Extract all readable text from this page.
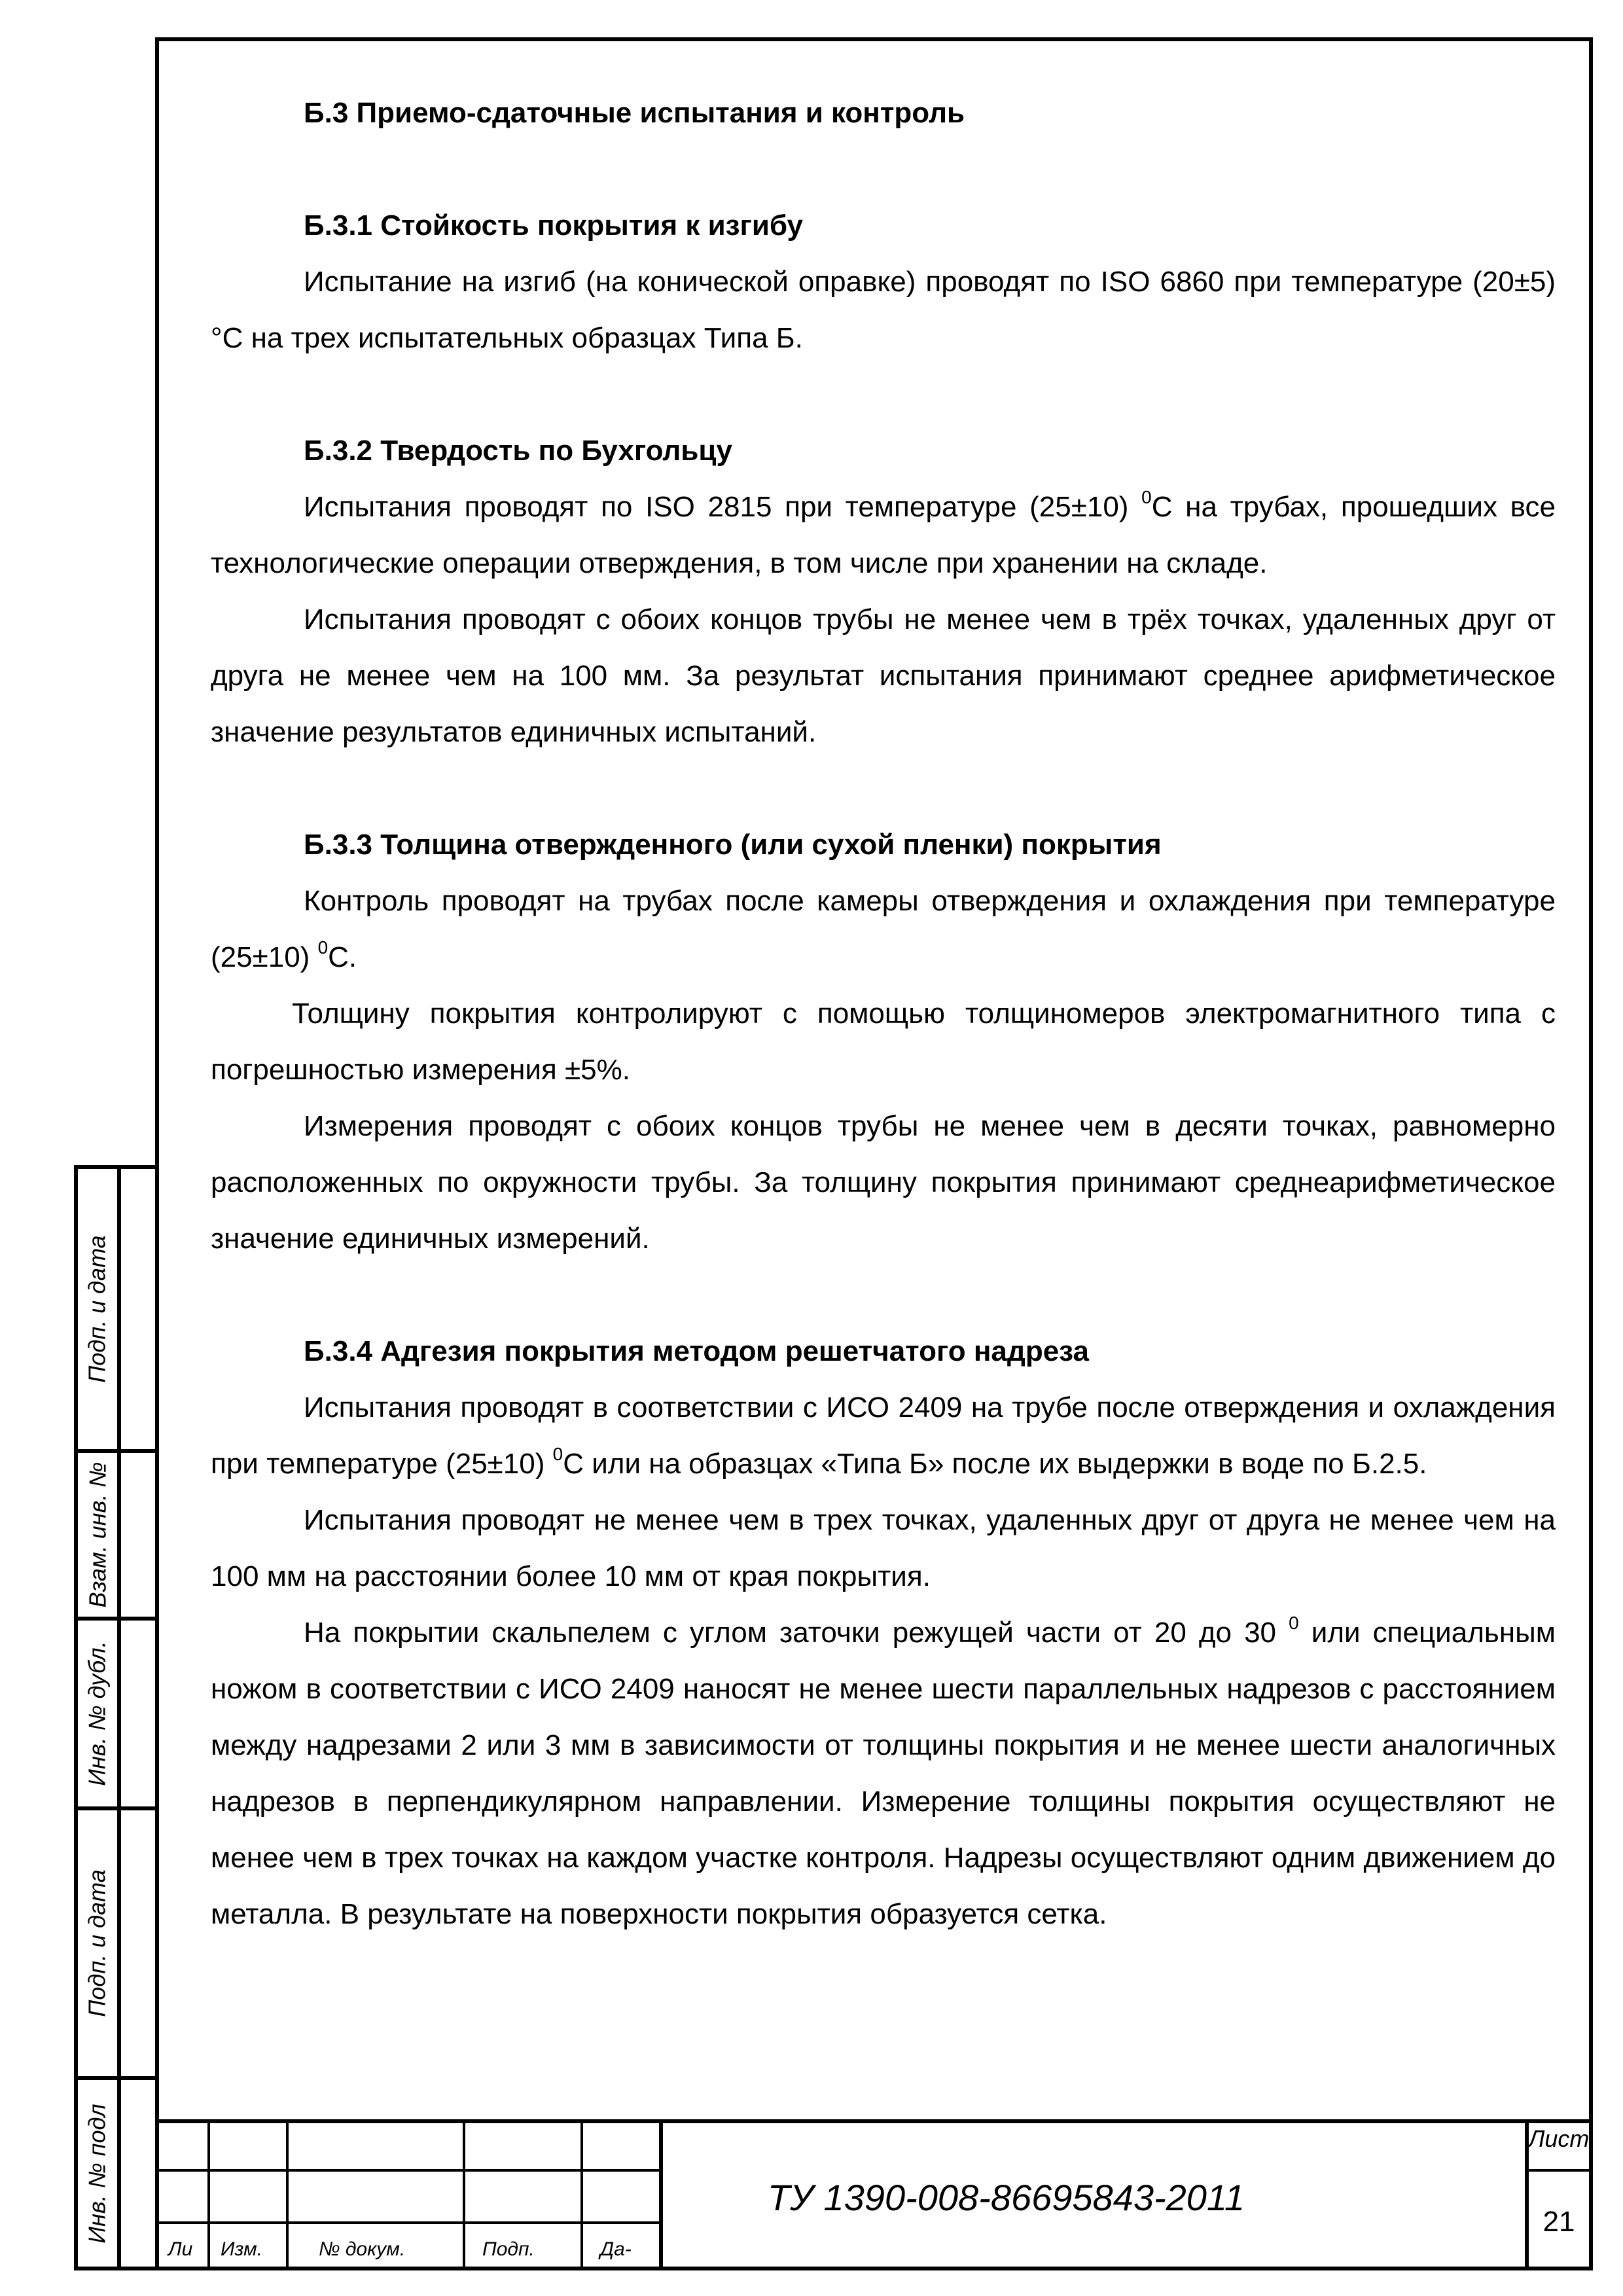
Б.3 Приемо-сдаточные испытания и контроль
Б.3.1 Стойкость покрытия к изгибу

Испытание на изгиб (на конической оправке) проводят по ISO 6860 при температуре (20±5) °С на трех испытательных образцах Типа Б.

Б.3.2 Твердость по Бухгольцу

Испытания проводят по ISO 2815 при температуре (25±10) $^0$С на трубах, прошедших все технологические операции отверждения, в том числе при хранении на складе.

Испытания проводят с обоих концов трубы не менее чем в трёх точках, удаленных друг от друга не менее чем на 100 мм. За результат испытания принимают среднее арифметическое значение результатов единичных испытаний.

Б.3.3 Толщина отвержденного (или сухой пленки) покрытия

Контроль проводят на трубах после камеры отверждения и охлаждения при температуре (25±10) $^0$С.

Толщину покрытия контролируют с помощью толщиномеров электромагнитного типа с погрешностью измерения ±5%.

Измерения проводят с обоих концов трубы не менее чем в десяти точках, равномерно расположенных по окружности трубы. За толщину покрытия принимают среднеарифметическое значение единичных измерений.

Б.3.4 Адгезия покрытия методом решетчатого надреза

Испытания проводят в соответствии с ИСО 2409 на трубе после отверждения и охлаждения при температуре (25±10) $^0$С или на образцах «Типа Б» после их выдержки в воде по Б.2.5.

Испытания проводят не менее чем в трех точках, удаленных друг от друга не менее чем на 100 мм на расстоянии более 10 мм от края покрытия.

На покрытии скальпелем с углом заточки режущей части от 20 до 30 $^0$ или специальным ножом в соответствии с ИСО 2409 наносят не менее шести параллельных надрезов с расстоянием между надрезами 2 или 3 мм в зависимости от толщины покрытия и не менее шести аналогичных надрезов в перпендикулярном направлении. Измерение толщины покрытия осуществляют не менее чем в трех точках на каждом участке контроля. Надрезы осуществляют одним движением до металла. В результате на поверхности покрытия образуется сетка.

Подп. и дата
Взам. инв. №
Инв. № дубл.
Подп. и дата
Инв. № подл
Ли Изм.	№ докум.	Подп.	Да-
ТУ 1390-008-86695843-2011
Лист
21
